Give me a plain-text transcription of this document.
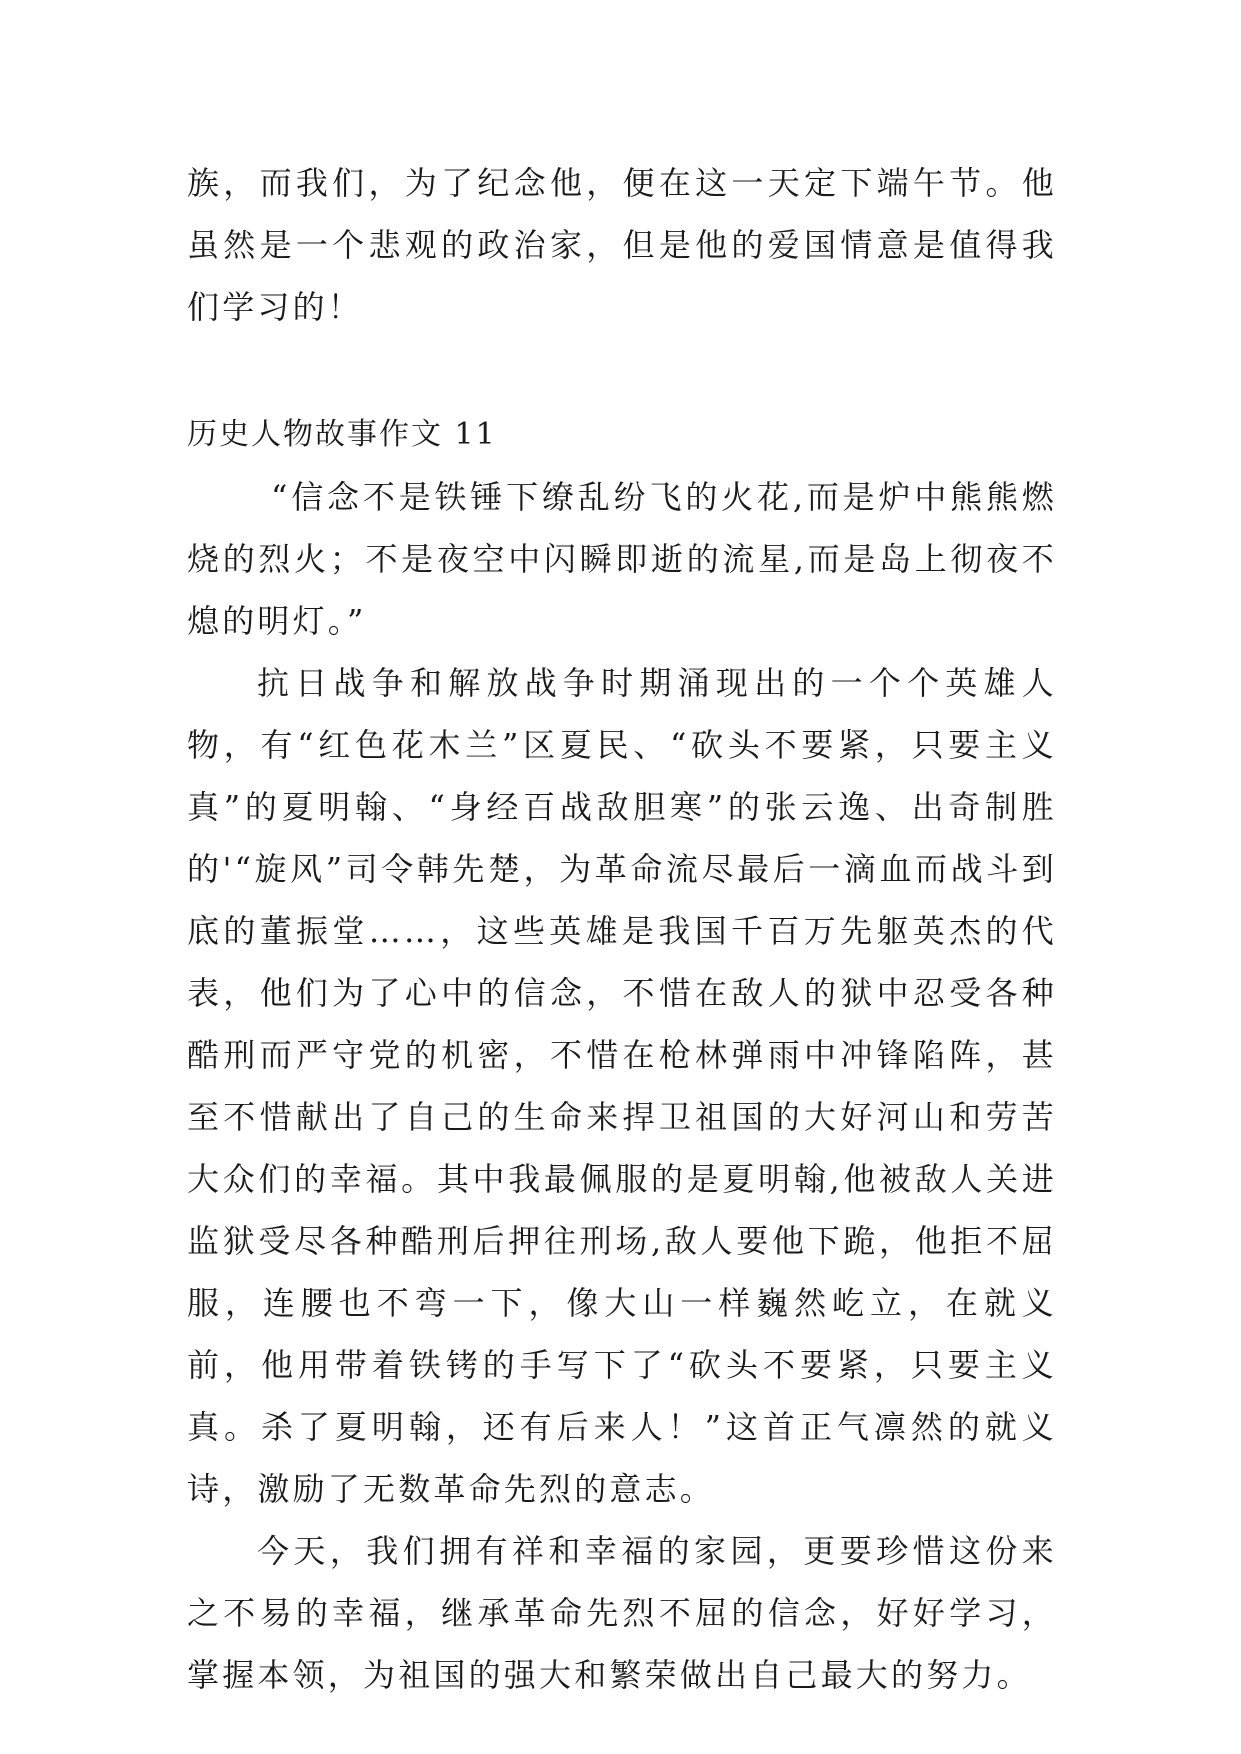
族，而我们，为了纪念他，便在这一天定下端午节。他虽然是一个悲观的政治家，但是他的爱国情意是值得我们学习的！

历史人物故事作文 11

“信念不是铁锤下缭乱纷飞的火花,而是炉中熊熊燃烧的烈火；不是夜空中闪瞬即逝的流星,而是岛上彻夜不熄的明灯。”

抗日战争和解放战争时期涌现出的一个个英雄人物，有“红色花木兰”区夏民、“砍头不要紧，只要主义真”的夏明翰、“身经百战敌胆寒”的张云逸、出奇制胜的'“旋风”司令韩先楚，为革命流尽最后一滴血而战斗到底的董振堂……，这些英雄是我国千百万先躯英杰的代表，他们为了心中的信念，不惜在敌人的狱中忍受各种酷刑而严守党的机密，不惜在枪林弹雨中冲锋陷阵，甚至不惜献出了自己的生命来捍卫祖国的大好河山和劳苦大众们的幸福。其中我最佩服的是夏明翰,他被敌人关进监狱受尽各种酷刑后押往刑场,敌人要他下跪，他拒不屈服，连腰也不弯一下，像大山一样巍然屹立，在就义前，他用带着铁铐的手写下了“砍头不要紧，只要主义真。杀了夏明翰，还有后来人！”这首正气凛然的就义诗，激励了无数革命先烈的意志。

今天，我们拥有祥和幸福的家园，更要珍惜这份来之不易的幸福，继承革命先烈不屈的信念，好好学习，掌握本领，为祖国的强大和繁荣做出自己最大的努力。
